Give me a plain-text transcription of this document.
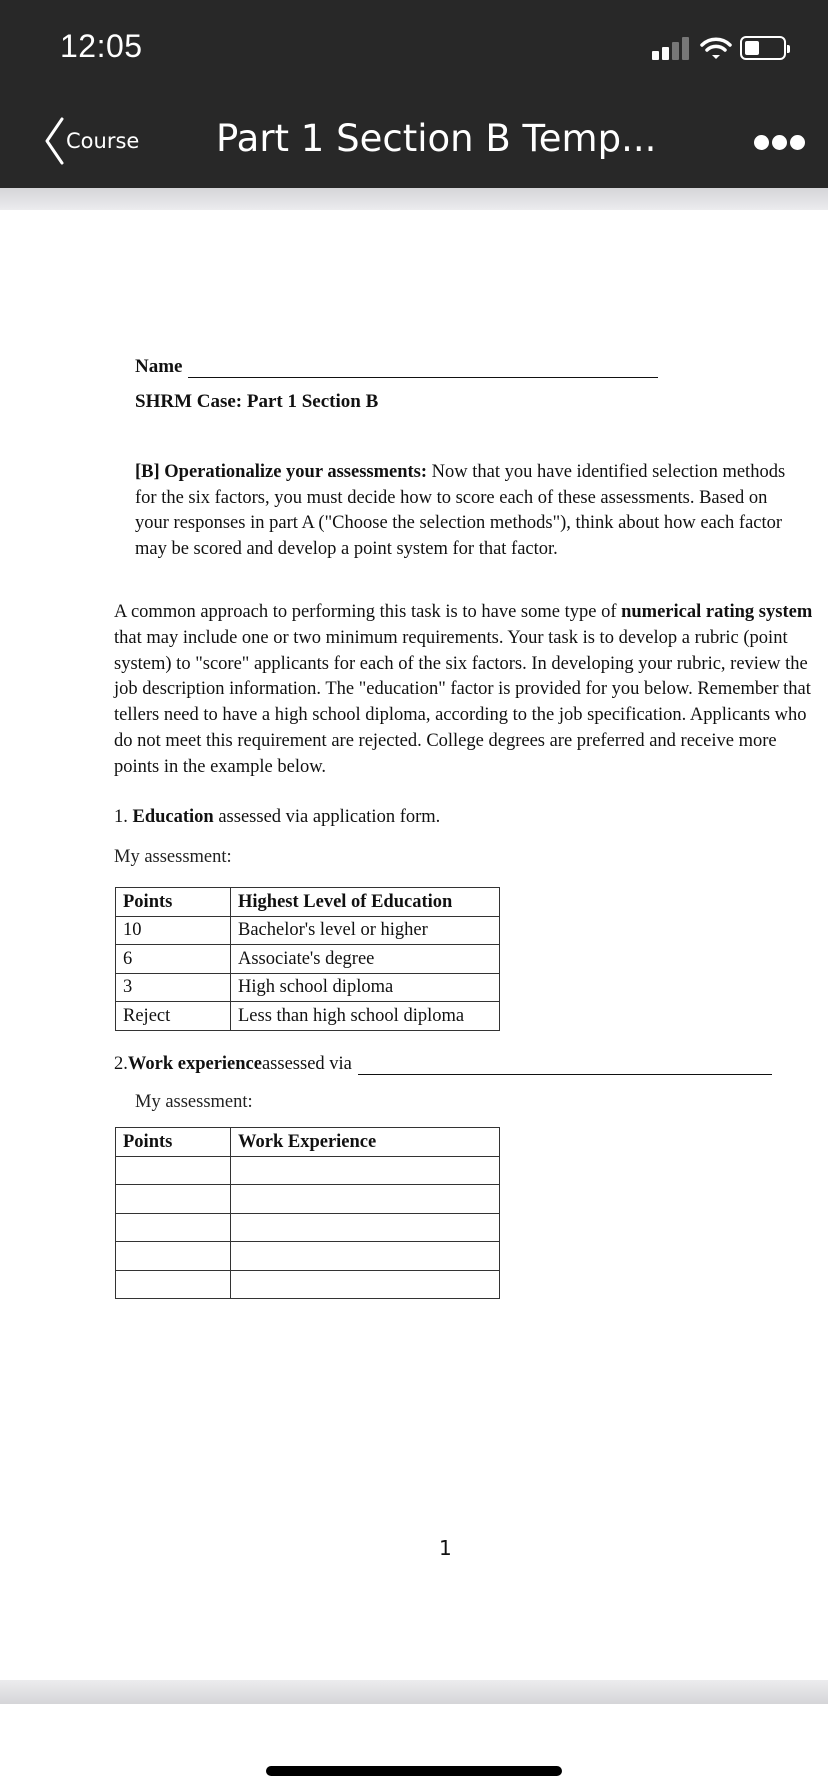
12:05
Course Part 1 Section B Temp...
Name
SHRM Case: Part 1 Section B
[B] Operationalize your assessments: Now that you have identified selection methods for the six factors, you must decide how to score each of these assessments. Based on your responses in part A ("Choose the selection methods"), think about how each factor may be scored and develop a point system for that factor.
A common approach to performing this task is to have some type of numerical rating system that may include one or two minimum requirements. Your task is to develop a rubric (point system) to "score" applicants for each of the six factors. In developing your rubric, review the job description information. The "education" factor is provided for you below. Remember that tellers need to have a high school diploma, according to the job specification. Applicants who do not meet this requirement are rejected. College degrees are preferred and receive more points in the example below.
1. Education assessed via application form.
My assessment:
Points	Highest Level of Education
10	Bachelor's level or higher
6	Associate's degree
3	High school diploma
Reject	Less than high school diploma
2. Work experience assessed via
My assessment:
Points	Work Experience

1
